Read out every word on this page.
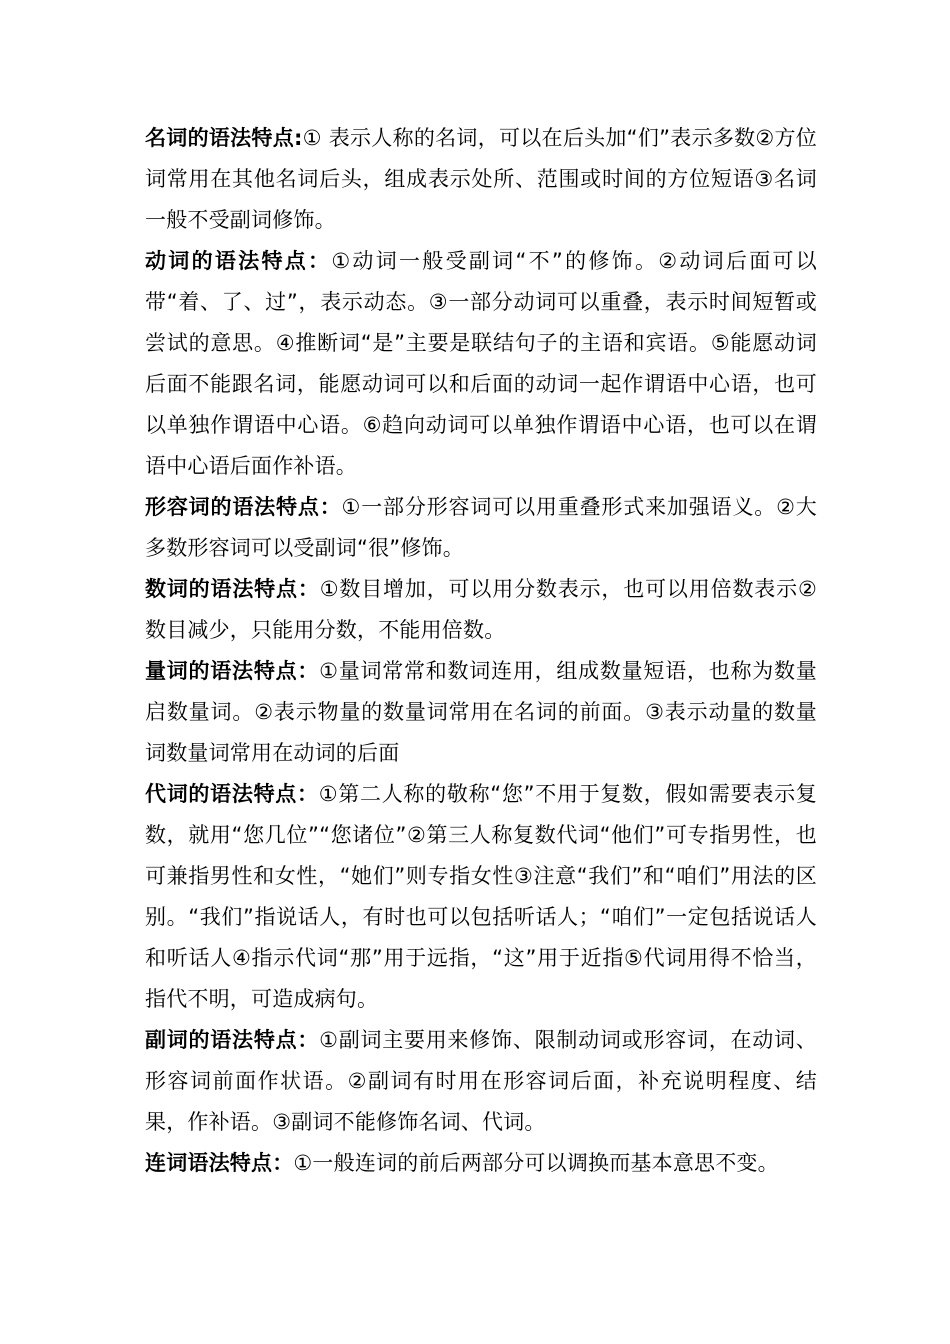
名词的语法特点:① 表示人称的名词，可以在后头加“们”表示多数②方位词常用在其他名词后头，组成表示处所、范围或时间的方位短语③名词一般不受副词修饰。

动词的语法特点：①动词一般受副词“不”的修饰。②动词后面可以带“着、了、过”，表示动态。③一部分动词可以重叠，表示时间短暂或尝试的意思。④推断词“是”主要是联结句子的主语和宾语。⑤能愿动词后面不能跟名词，能愿动词可以和后面的动词一起作谓语中心语，也可以单独作谓语中心语。⑥趋向动词可以单独作谓语中心语，也可以在谓语中心语后面作补语。

形容词的语法特点：①一部分形容词可以用重叠形式来加强语义。②大多数形容词可以受副词“很”修饰。

数词的语法特点：①数目增加，可以用分数表示，也可以用倍数表示②数目减少，只能用分数，不能用倍数。

量词的语法特点：①量词常常和数词连用，组成数量短语，也称为数量启数量词。②表示物量的数量词常用在名词的前面。③表示动量的数量词数量词常用在动词的后面

代词的语法特点：①第二人称的敬称“您”不用于复数，假如需要表示复数，就用“您几位”“您诸位”②第三人称复数代词“他们”可专指男性，也可兼指男性和女性，“她们”则专指女性③注意“我们”和“咱们”用法的区别。“我们”指说话人，有时也可以包括听话人；“咱们”一定包括说话人和听话人④指示代词“那”用于远指，“这”用于近指⑤代词用得不恰当，指代不明，可造成病句。

副词的语法特点：①副词主要用来修饰、限制动词或形容词，在动词、形容词前面作状语。②副词有时用在形容词后面，补充说明程度、结果，作补语。③副词不能修饰名词、代词。

连词语法特点：①一般连词的前后两部分可以调换而基本意思不变。
